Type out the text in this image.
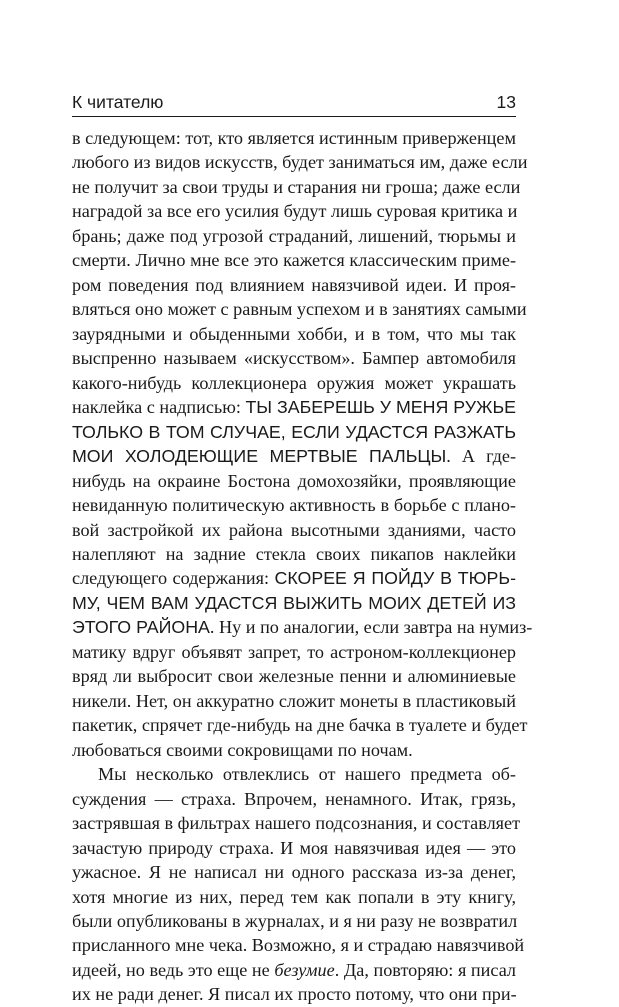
К читателю	13
в следующем: тот, кто является истинным приверженцем
любого из видов искусств, будет заниматься им, даже если
не получит за свои труды и старания ни гроша; даже если
наградой за все его усилия будут лишь суровая критика и
брань; даже под угрозой страданий, лишений, тюрьмы и
смерти. Лично мне все это кажется классическим приме-
ром поведения под влиянием навязчивой идеи. И проя-
вляться оно может с равным успехом и в занятиях самыми
заурядными и обыденными хобби, и в том, что мы так
выспренно называем «искусством». Бампер автомобиля
какого-нибудь коллекционера оружия может украшать
наклейка с надписью: ТЫ ЗАБЕРЕШЬ У МЕНЯ РУЖЬЕ
ТОЛЬКО В ТОМ СЛУЧАЕ, ЕСЛИ УДАСТСЯ РАЗЖАТЬ
МОИ ХОЛОДЕЮЩИЕ МЕРТВЫЕ ПАЛЬЦЫ. А где-
нибудь на окраине Бостона домохозяйки, проявляющие
невиданную политическую активность в борьбе с плано-
вой застройкой их района высотными зданиями, часто
налепляют на задние стекла своих пикапов наклейки
следующего содержания: СКОРЕЕ Я ПОЙДУ В ТЮРЬ-
МУ, ЧЕМ ВАМ УДАСТСЯ ВЫЖИТЬ МОИХ ДЕТЕЙ ИЗ
ЭТОГО РАЙОНА. Ну и по аналогии, если завтра на нумиз-
матику вдруг объявят запрет, то астроном-коллекционер
вряд ли выбросит свои железные пенни и алюминиевые
никели. Нет, он аккуратно сложит монеты в пластиковый
пакетик, спрячет где-нибудь на дне бачка в туалете и будет
любоваться своими сокровищами по ночам.
Мы несколько отвлеклись от нашего предмета об-
суждения — страха. Впрочем, ненамного. Итак, грязь,
застрявшая в фильтрах нашего подсознания, и составляет
зачастую природу страха. И моя навязчивая идея — это
ужасное. Я не написал ни одного рассказа из-за денег,
хотя многие из них, перед тем как попали в эту книгу,
были опубликованы в журналах, и я ни разу не возвратил
присланного мне чека. Возможно, я и страдаю навязчивой
идеей, но ведь это еще не безумие. Да, повторяю: я писал
их не ради денег. Я писал их просто потому, что они при-
